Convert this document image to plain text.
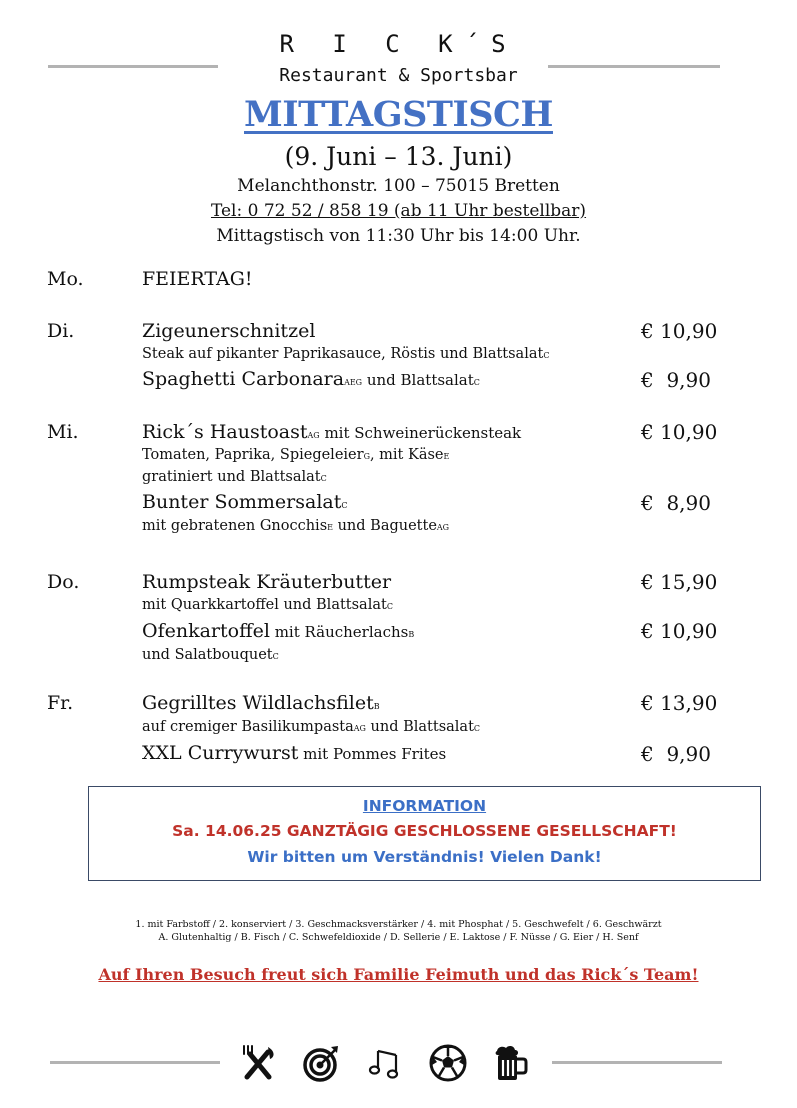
R I C K´S
Restaurant & Sportsbar
MITTAGSTISCH
(9. Juni – 13. Juni)
Melanchthonstr. 100 – 75015 Bretten
Tel: 0 72 52 / 858 19 (ab 11 Uhr bestellbar)
Mittagstisch von 11:30 Uhr bis 14:00 Uhr.
Mo.	FEIERTAG!
Di.	Zigeunerschnitzel	€ 10,90
Steak auf pikanter Paprikasauce, Röstis und BlattsalatC
Spaghetti CarbonaraAEG und BlattsalatC	€  9,90
Mi.	Rick´s HaustoastAG mit Schweinerückensteak	€ 10,90
Tomaten, Paprika, SpiegeleierG, mit KäseE
gratiniert und BlattsalatC
Bunter SommersalatC	€  8,90
mit gebratenen GnocchisE und BaguetteAG
Do.	Rumpsteak Kräuterbutter	€ 15,90
mit Quarkkartoffel und BlattsalatC
Ofenkartoffel mit RäucherlachsB	€ 10,90
und SalatbouquetC
Fr.	Gegrilltes WildlachsfiletB	€ 13,90
auf cremiger BasilikumpastaAG und BlattsalatC
XXL Currywurst mit Pommes Frites	€  9,90
INFORMATION
Sa. 14.06.25 GANZTÄGIG GESCHLOSSENE GESELLSCHAFT!
Wir bitten um Verständnis! Vielen Dank!
1. mit Farbstoff / 2. konserviert / 3. Geschmacksverstärker / 4. mit Phosphat / 5. Geschwefelt / 6. Geschwärzt
A. Glutenhaltig / B. Fisch / C. Schwefeldioxide / D. Sellerie / E. Laktose / F. Nüsse / G. Eier / H. Senf
Auf Ihren Besuch freut sich Familie Feimuth und das Rick´s Team!
